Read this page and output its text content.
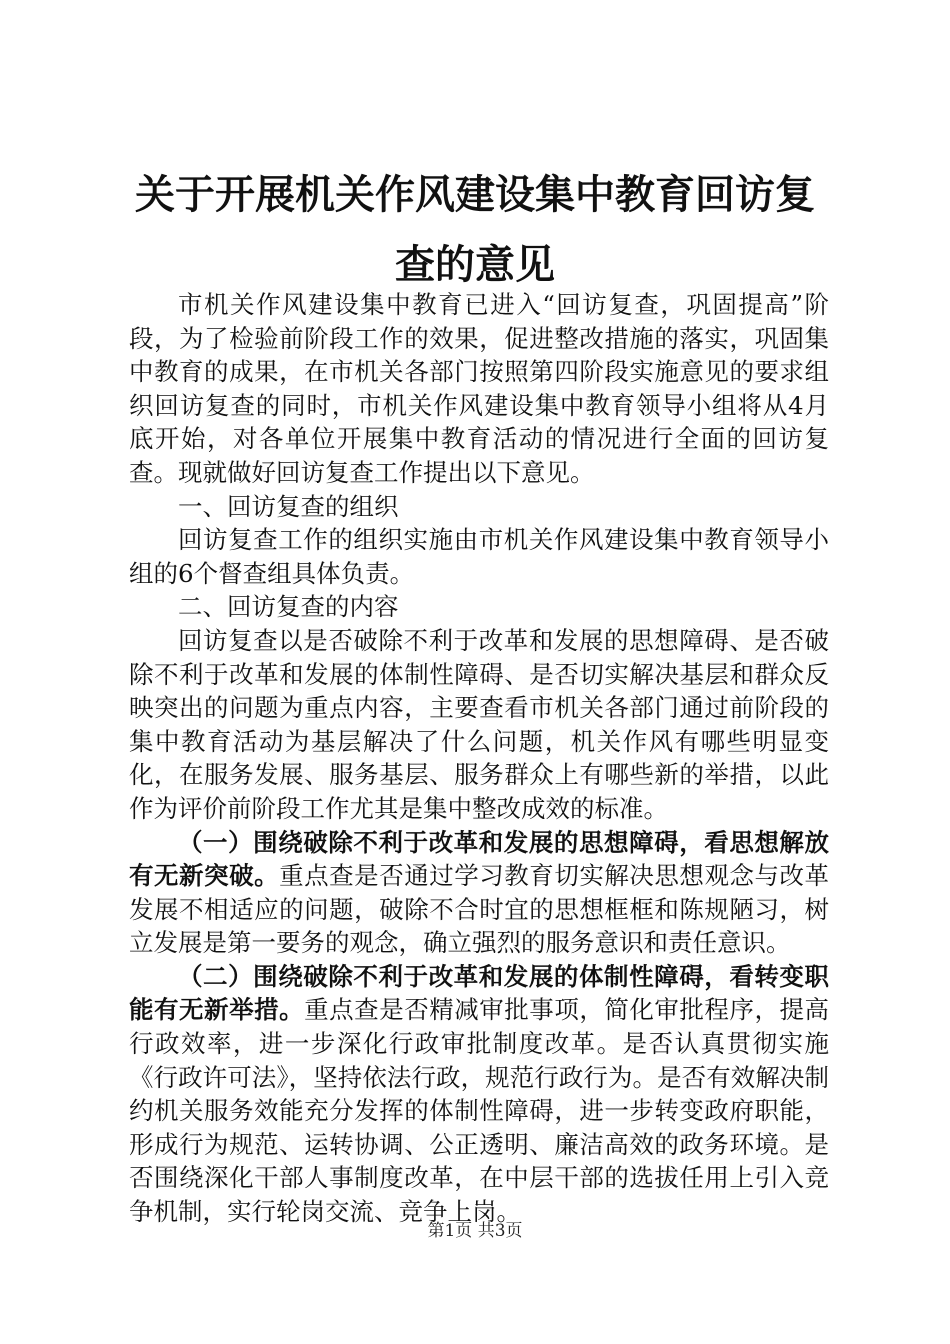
关于开展机关作风建设集中教育回访复查的意见

市机关作风建设集中教育已进入“回访复查，巩固提高”阶段，为了检验前阶段工作的效果，促进整改措施的落实，巩固集中教育的成果，在市机关各部门按照第四阶段实施意见的要求组织回访复查的同时，市机关作风建设集中教育领导小组将从4月底开始，对各单位开展集中教育活动的情况进行全面的回访复查。现就做好回访复查工作提出以下意见。

一、回访复查的组织

回访复查工作的组织实施由市机关作风建设集中教育领导小组的6个督查组具体负责。

二、回访复查的内容

回访复查以是否破除不利于改革和发展的思想障碍、是否破除不利于改革和发展的体制性障碍、是否切实解决基层和群众反映突出的问题为重点内容，主要查看市机关各部门通过前阶段的集中教育活动为基层解决了什么问题，机关作风有哪些明显变化，在服务发展、服务基层、服务群众上有哪些新的举措，以此作为评价前阶段工作尤其是集中整改成效的标准。

（一）围绕破除不利于改革和发展的思想障碍，看思想解放有无新突破。重点查是否通过学习教育切实解决思想观念与改革发展不相适应的问题，破除不合时宜的思想框框和陈规陋习，树立发展是第一要务的观念，确立强烈的服务意识和责任意识。

（二）围绕破除不利于改革和发展的体制性障碍，看转变职能有无新举措。重点查是否精减审批事项，简化审批程序，提高行政效率，进一步深化行政审批制度改革。是否认真贯彻实施《行政许可法》，坚持依法行政，规范行政行为。是否有效解决制约机关服务效能充分发挥的体制性障碍，进一步转变政府职能，形成行为规范、运转协调、公正透明、廉洁高效的政务环境。是否围绕深化干部人事制度改革，在中层干部的选拔任用上引入竞争机制，实行轮岗交流、竞争上岗。

第1页 共3页
